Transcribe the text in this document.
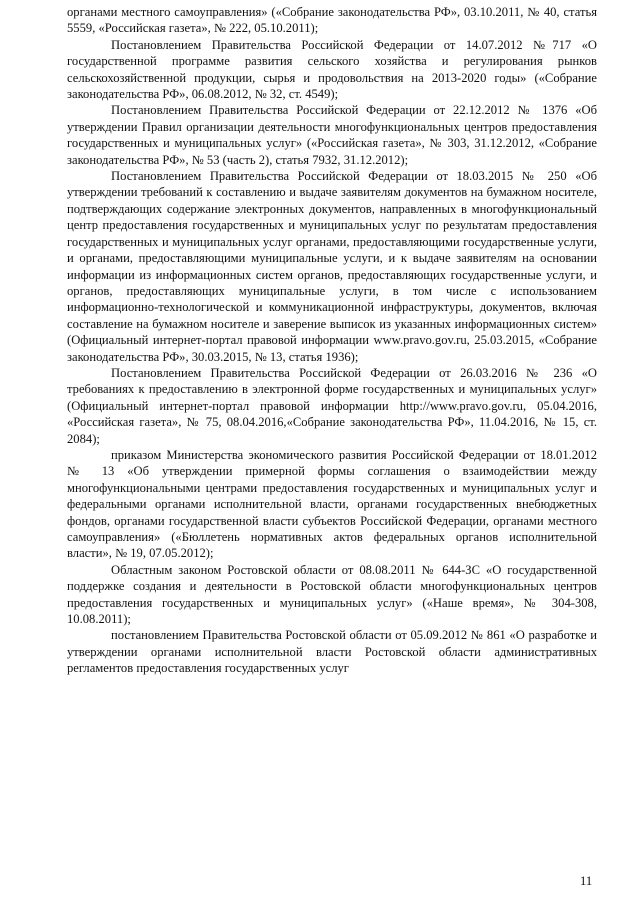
органами местного самоуправления» («Собрание законодательства РФ», 03.10.2011, № 40, статья 5559, «Российская газета», № 222, 05.10.2011);

Постановлением Правительства Российской Федерации от 14.07.2012 №717 «О государственной программе развития сельского хозяйства и регулирования рынков сельскохозяйственной продукции, сырья и продовольствия на 2013-2020 годы» («Собрание законодательства РФ», 06.08.2012, № 32, ст. 4549);

Постановлением Правительства Российской Федерации от 22.12.2012 № 1376 «Об утверждении Правил организации деятельности многофункциональных центров предоставления государственных и муниципальных услуг» («Российская газета», № 303, 31.12.2012, «Собрание законодательства РФ», № 53 (часть 2), статья 7932, 31.12.2012);

Постановлением Правительства Российской Федерации от 18.03.2015 № 250 «Об утверждении требований к составлению и выдаче заявителям документов на бумажном носителе, подтверждающих содержание электронных документов, направленных в многофункциональный центр предоставления государственных и муниципальных услуг по результатам предоставления государственных и муниципальных услуг органами, предоставляющими государственные услуги, и органами, предоставляющими муниципальные услуги, и к выдаче заявителям на основании информации из информационных систем органов, предоставляющих государственные услуги, и органов, предоставляющих муниципальные услуги, в том числе с использованием информационно-технологической и коммуникационной инфраструктуры, документов, включая составление на бумажном носителе и заверение выписок из указанных информационных систем» (Официальный интернет-портал правовой информации www.pravo.gov.ru, 25.03.2015, «Собрание законодательства РФ», 30.03.2015, № 13, статья 1936);

Постановлением Правительства Российской Федерации от 26.03.2016 № 236 «О требованиях к предоставлению в электронной форме государственных и муниципальных услуг» (Официальный интернет-портал правовой информации http://www.pravo.gov.ru, 05.04.2016, «Российская газета», № 75, 08.04.2016,«Собрание законодательства РФ», 11.04.2016, № 15, ст. 2084);

приказом Министерства экономического развития Российской Федерации от 18.01.2012 № 13 «Об утверждении примерной формы соглашения о взаимодействии между многофункциональными центрами предоставления государственных и муниципальных услуг и федеральными органами исполнительной власти, органами государственных внебюджетных фондов, органами государственной власти субъектов Российской Федерации, органами местного самоуправления» («Бюллетень нормативных актов федеральных органов исполнительной власти», № 19, 07.05.2012);

Областным законом Ростовской области от 08.08.2011 № 644-ЗС «О государственной поддержке создания и деятельности в Ростовской области многофункциональных центров предоставления государственных и муниципальных услуг» («Наше время», № 304-308, 10.08.2011);

постановлением Правительства Ростовской области от 05.09.2012 № 861 «О разработке и утверждении органами исполнительной власти Ростовской области административных регламентов предоставления государственных услуг

11
